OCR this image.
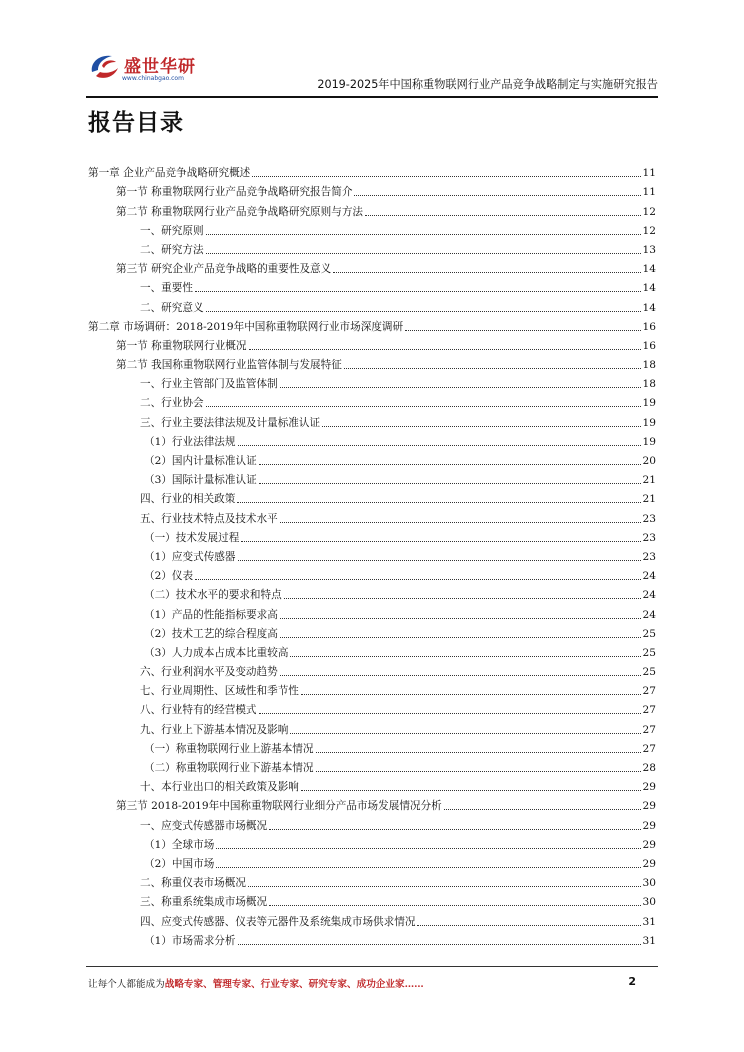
盛世华研
www.chinabgao.com	2019-2025年中国称重物联网行业产品竞争战略制定与实施研究报告
报告目录
第一章 企业产品竞争战略研究概述	11
第一节 称重物联网行业产品竞争战略研究报告简介	11
第二节 称重物联网行业产品竞争战略研究原则与方法	12
一、研究原则	12
二、研究方法	13
第三节 研究企业产品竞争战略的重要性及意义	14
一、重要性	14
二、研究意义	14
第二章 市场调研：2018-2019年中国称重物联网行业市场深度调研	16
第一节 称重物联网行业概况	16
第二节 我国称重物联网行业监管体制与发展特征	18
一、行业主管部门及监管体制	18
二、行业协会	19
三、行业主要法律法规及计量标准认证	19
（1）行业法律法规	19
（2）国内计量标准认证	20
（3）国际计量标准认证	21
四、行业的相关政策	21
五、行业技术特点及技术水平	23
（一）技术发展过程	23
（1）应变式传感器	23
（2）仪表	24
（二）技术水平的要求和特点	24
（1）产品的性能指标要求高	24
（2）技术工艺的综合程度高	25
（3）人力成本占成本比重较高	25
六、行业利润水平及变动趋势	25
七、行业周期性、区域性和季节性	27
八、行业特有的经营模式	27
九、行业上下游基本情况及影响	27
（一）称重物联网行业上游基本情况	27
（二）称重物联网行业下游基本情况	28
十、本行业出口的相关政策及影响	29
第三节 2018-2019年中国称重物联网行业细分产品市场发展情况分析	29
一、应变式传感器市场概况	29
（1）全球市场	29
（2）中国市场	29
二、称重仪表市场概况	30
三、称重系统集成市场概况	30
四、应变式传感器、仪表等元器件及系统集成市场供求情况	31
（1）市场需求分析	31
让每个人都能成为战略专家、管理专家、行业专家、研究专家、成功企业家……	2
